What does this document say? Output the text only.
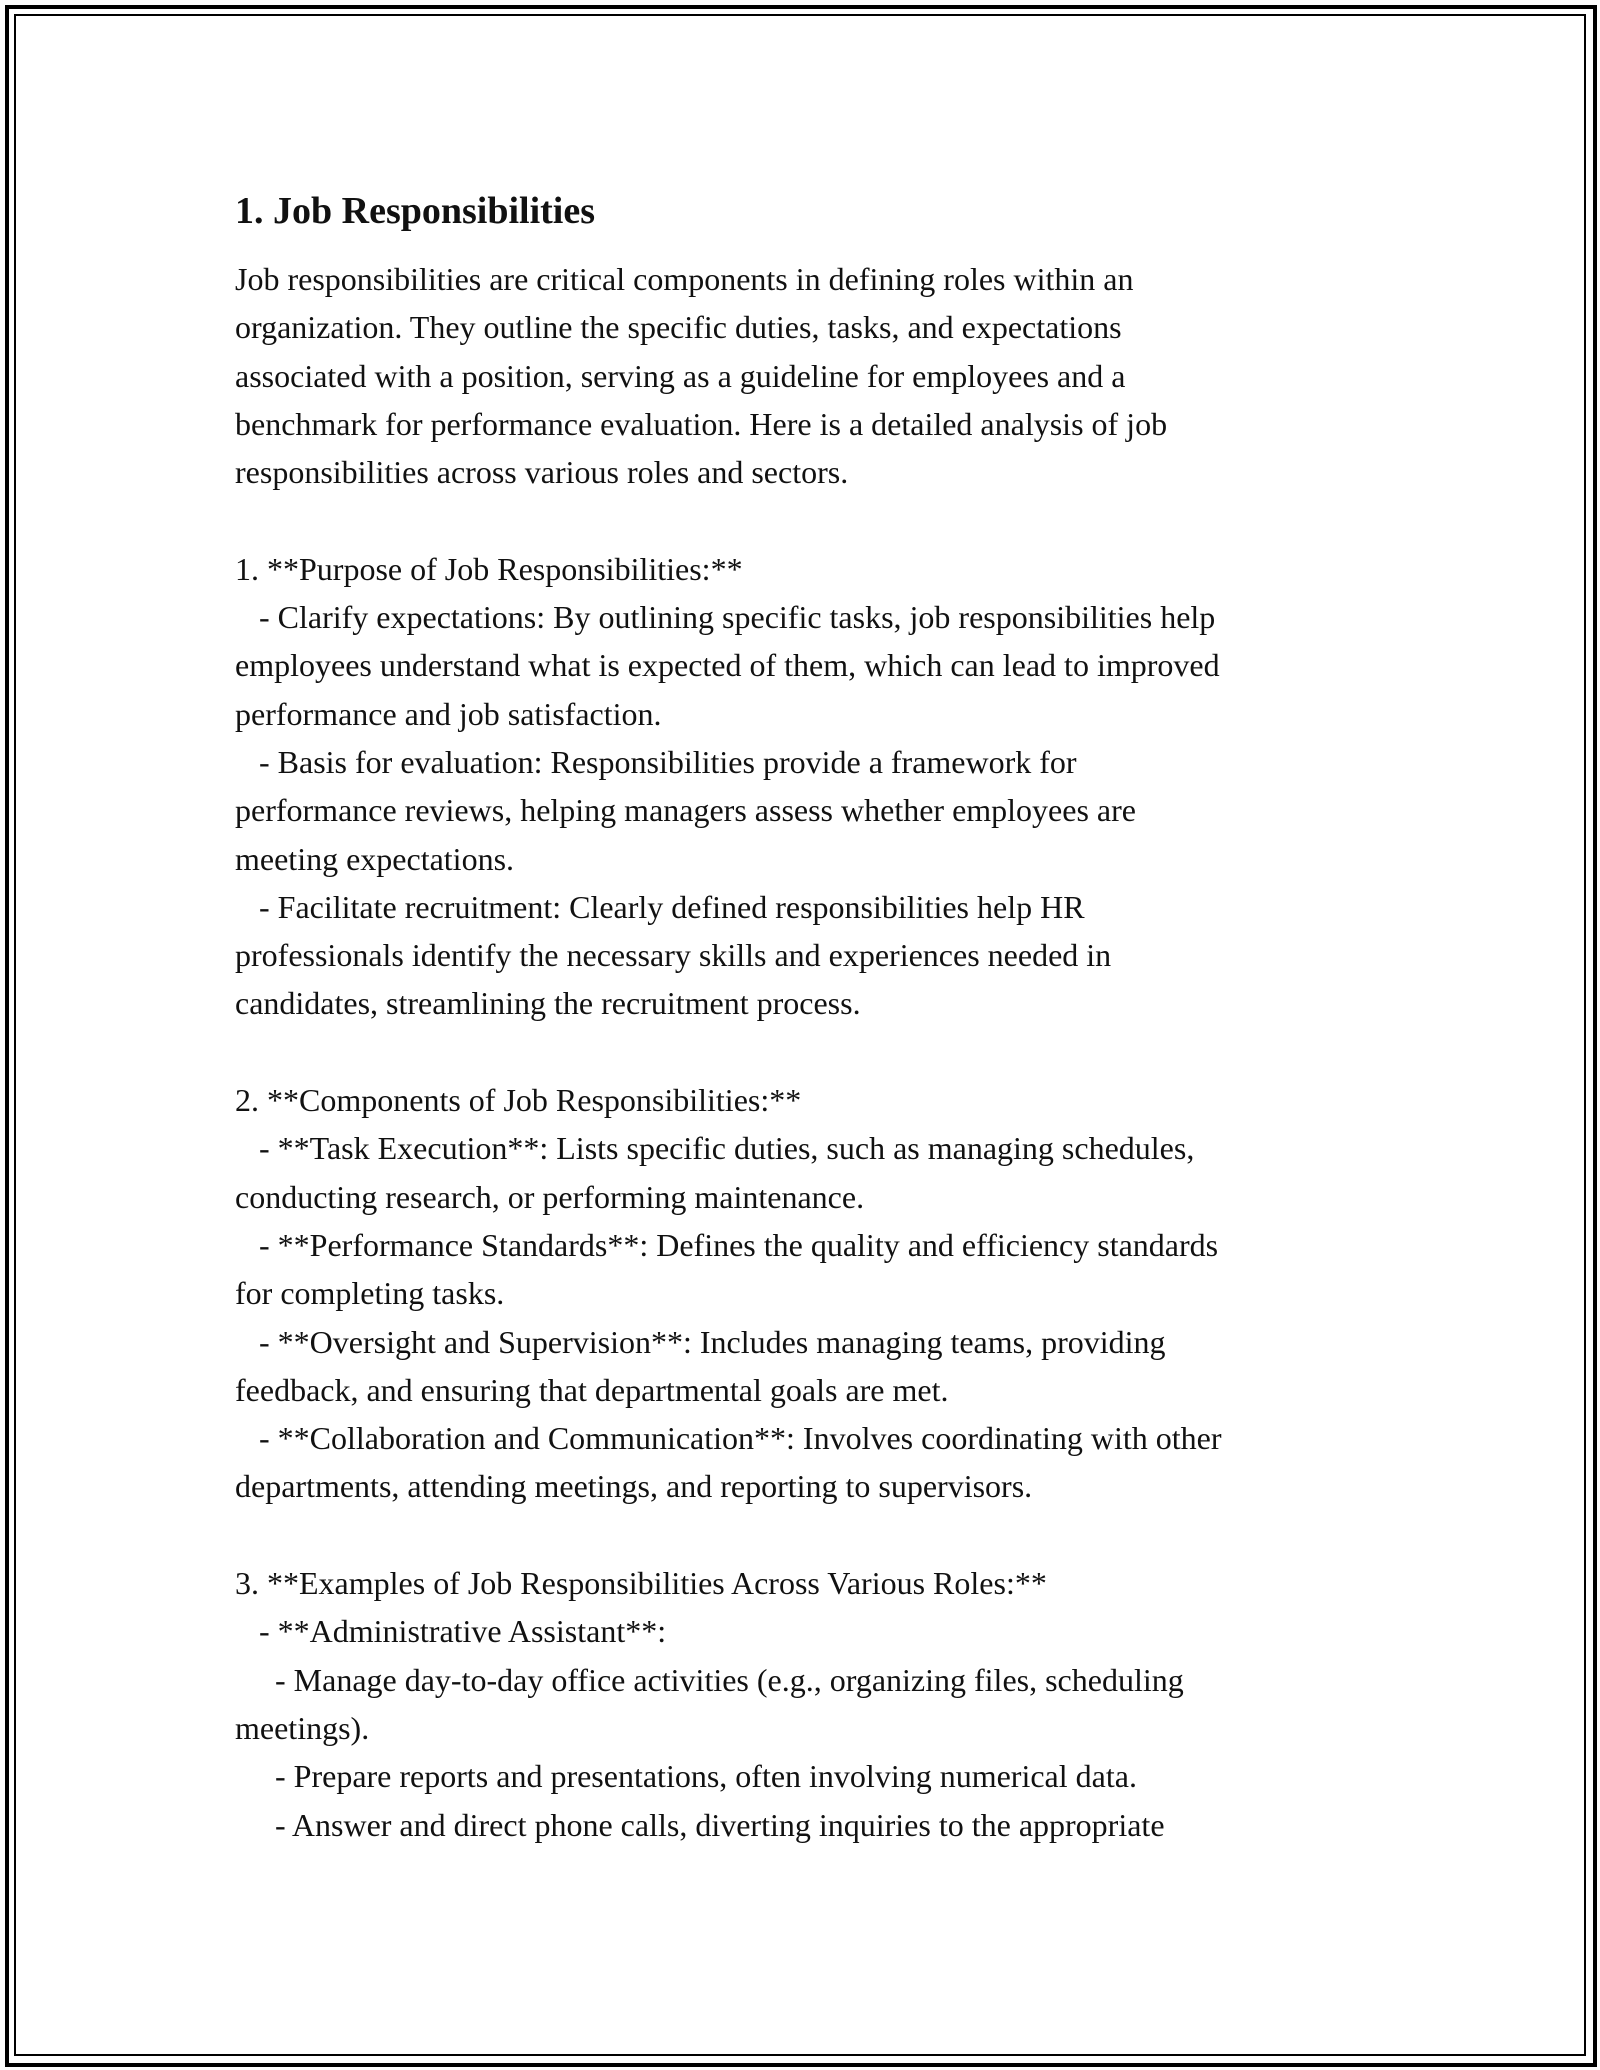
1. Job Responsibilities
Job responsibilities are critical components in defining roles within an
organization. They outline the specific duties, tasks, and expectations
associated with a position, serving as a guideline for employees and a
benchmark for performance evaluation. Here is a detailed analysis of job
responsibilities across various roles and sectors.
1. **Purpose of Job Responsibilities:**
- Clarify expectations: By outlining specific tasks, job responsibilities help
employees understand what is expected of them, which can lead to improved
performance and job satisfaction.
- Basis for evaluation: Responsibilities provide a framework for
performance reviews, helping managers assess whether employees are
meeting expectations.
- Facilitate recruitment: Clearly defined responsibilities help HR
professionals identify the necessary skills and experiences needed in
candidates, streamlining the recruitment process.
2. **Components of Job Responsibilities:**
- **Task Execution**: Lists specific duties, such as managing schedules,
conducting research, or performing maintenance.
- **Performance Standards**: Defines the quality and efficiency standards
for completing tasks.
- **Oversight and Supervision**: Includes managing teams, providing
feedback, and ensuring that departmental goals are met.
- **Collaboration and Communication**: Involves coordinating with other
departments, attending meetings, and reporting to supervisors.
3. **Examples of Job Responsibilities Across Various Roles:**
- **Administrative Assistant**:
- Manage day-to-day office activities (e.g., organizing files, scheduling
meetings).
- Prepare reports and presentations, often involving numerical data.
- Answer and direct phone calls, diverting inquiries to the appropriate
